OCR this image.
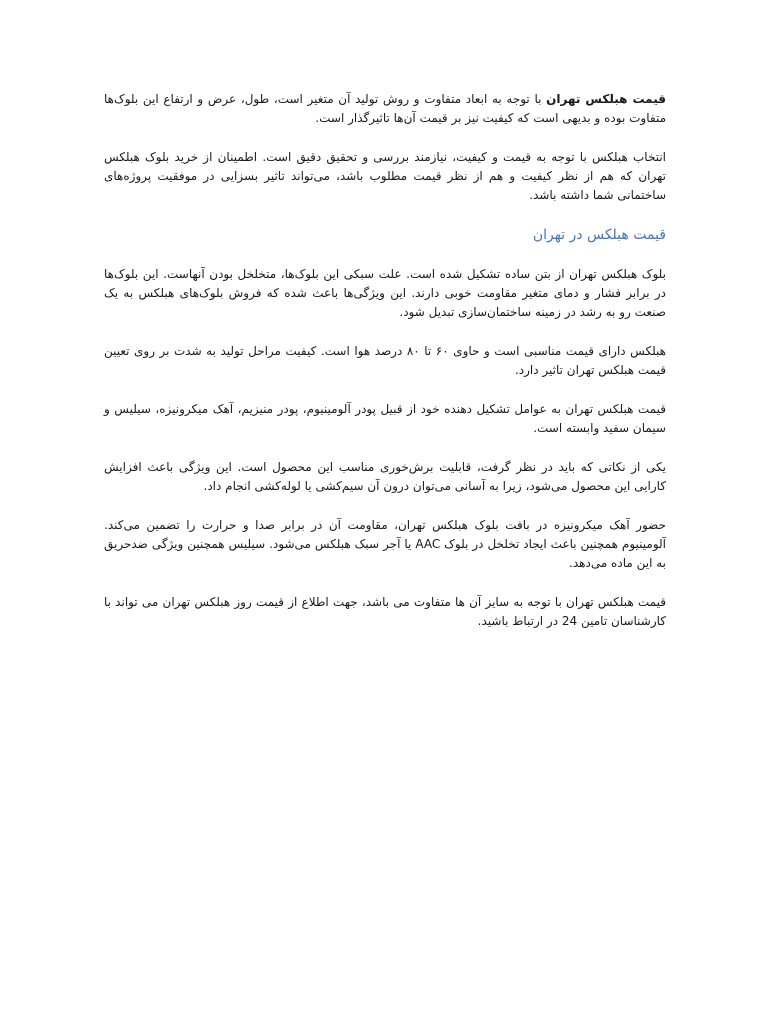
قیمت هبلکس تهران با توجه به ابعاد متفاوت و روش تولید آن متغیر است، طول، عرض و ارتفاع این بلوک‌ها متفاوت بوده و بدیهی است که کیفیت نیز بر قیمت آن‌ها تاثیرگذار است.

انتخاب هبلکس با توجه به قیمت و کیفیت، نیازمند بررسی و تحقیق دقیق است. اطمینان از خرید بلوک هبلکس تهران که هم از نظر کیفیت و هم از نظر قیمت مطلوب باشد، می‌تواند تاثیر بسزایی در موفقیت پروژه‌های ساختمانی شما داشته باشد.

قیمت هبلکس در تهران

بلوک هبلکس تهران از بتن ساده تشکیل شده است. علت سبکی این بلوک‌ها، متخلخل بودن آنهاست. این بلوک‌ها در برابر فشار و دمای متغیر مقاومت خوبی دارند. این ویژگی‌ها باعث شده که فروش بلوک‌های هبلکس به یک صنعت رو به رشد در زمینه ساختمان‌سازی تبدیل شود.

هبلکس دارای قیمت مناسبی است و حاوی ۶۰ تا ۸۰ درصد هوا است. کیفیت مراحل تولید به شدت بر روی تعیین قیمت هبلکس تهران تاثیر دارد.

قیمت هبلکس تهران به عوامل تشکیل دهنده خود از قبیل پودر آلومینیوم، پودر منیزیم، آهک میکرونیزه، سیلیس و سیمان سفید وابسته است.

یکی از نکاتی که باید در نظر گرفت، قابلیت برش‌خوری مناسب این محصول است. این ویژگی باعث افزایش کارایی این محصول می‌شود، زیرا به آسانی می‌توان درون آن سیم‌کشی یا لوله‌کشی انجام داد.

حضور آهک میکرونیزه در بافت بلوک هبلکس تهران، مقاومت آن در برابر صدا و حرارت را تضمین می‌کند. آلومینیوم همچنین باعث ایجاد تخلخل در بلوک AAC یا آجر سبک هبلکس می‌شود. سیلیس همچنین ویژگی ضدحریق به این ماده می‌دهد.

قیمت هبلکس تهران با توجه به سایز آن ها متفاوت می باشد، جهت اطلاع از قیمت روز هبلکس تهران می تواند با کارشناسان تامین 24 در ارتباط باشید.
